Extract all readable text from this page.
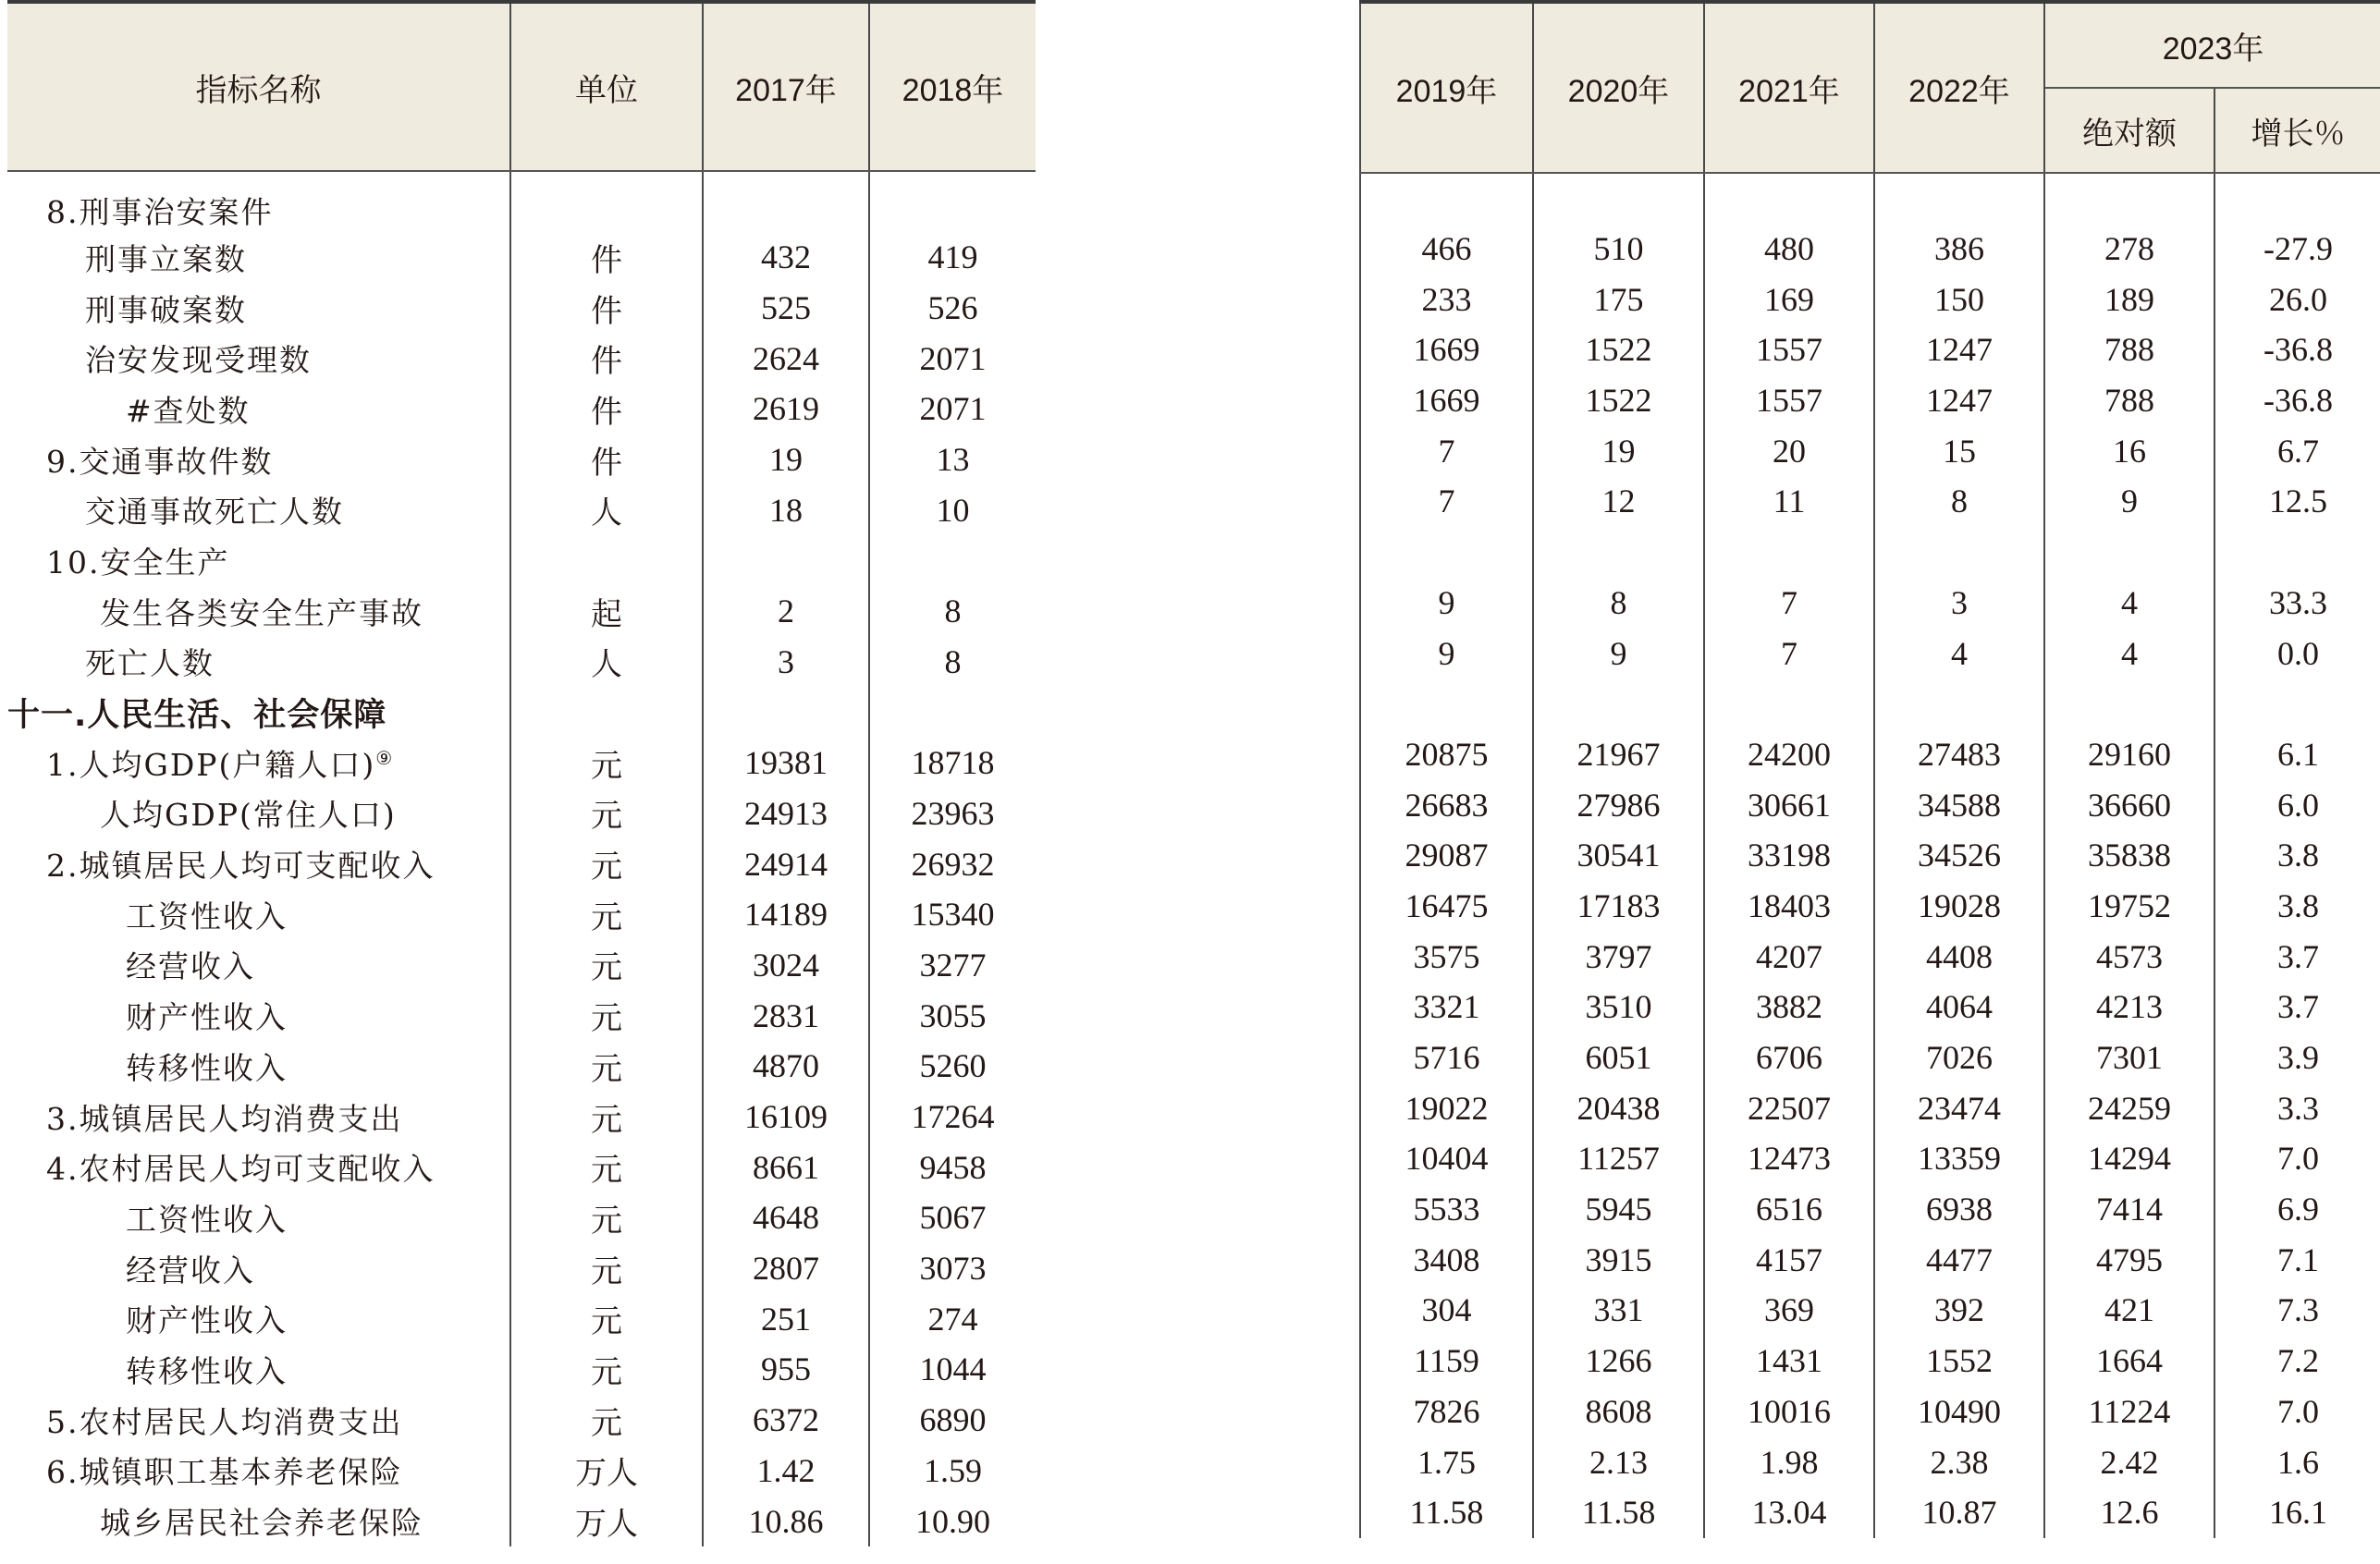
指标名称	单位	2017年	2018年
8.刑事治安案件			
刑事立案数	件	432	419
刑事破案数	件	525	526
治安发现受理数	件	2624	2071
#查处数	件	2619	2071
9.交通事故件数	件	19	13
交通事故死亡人数	人	18	10
10.安全生产			
发生各类安全生产事故	起	2	8
死亡人数	人	3	8
十一.人民生活、社会保障			
1.人均GDP(户籍人口)⑨	元	19381	18718
人均GDP(常住人口)	元	24913	23963
2.城镇居民人均可支配收入	元	24914	26932
工资性收入	元	14189	15340
经营收入	元	3024	3277
财产性收入	元	2831	3055
转移性收入	元	4870	5260
3.城镇居民人均消费支出	元	16109	17264
4.农村居民人均可支配收入	元	8661	9458
工资性收入	元	4648	5067
经营收入	元	2807	3073
财产性收入	元	251	274
转移性收入	元	955	1044
5.农村居民人均消费支出	元	6372	6890
6.城镇职工基本养老保险	万人	1.42	1.59
城乡居民社会养老保险	万人	10.86	10.90
2019年	2020年	2021年	2022年	2023年	
				绝对额	增长％

466	510	480	386	278	-27.9
233	175	169	150	189	26.0
1669	1522	1557	1247	788	-36.8
1669	1522	1557	1247	788	-36.8
7	19	20	15	16	6.7
7	12	11	8	9	12.5

9	8	7	3	4	33.3
9	9	7	4	4	0.0

20875	21967	24200	27483	29160	6.1
26683	27986	30661	34588	36660	6.0
29087	30541	33198	34526	35838	3.8
16475	17183	18403	19028	19752	3.8
3575	3797	4207	4408	4573	3.7
3321	3510	3882	4064	4213	3.7
5716	6051	6706	7026	7301	3.9
19022	20438	22507	23474	24259	3.3
10404	11257	12473	13359	14294	7.0
5533	5945	6516	6938	7414	6.9
3408	3915	4157	4477	4795	7.1
304	331	369	392	421	7.3
1159	1266	1431	1552	1664	7.2
7826	8608	10016	10490	11224	7.0
1.75	2.13	1.98	2.38	2.42	1.6
11.58	11.58	13.04	10.87	12.6	16.1
